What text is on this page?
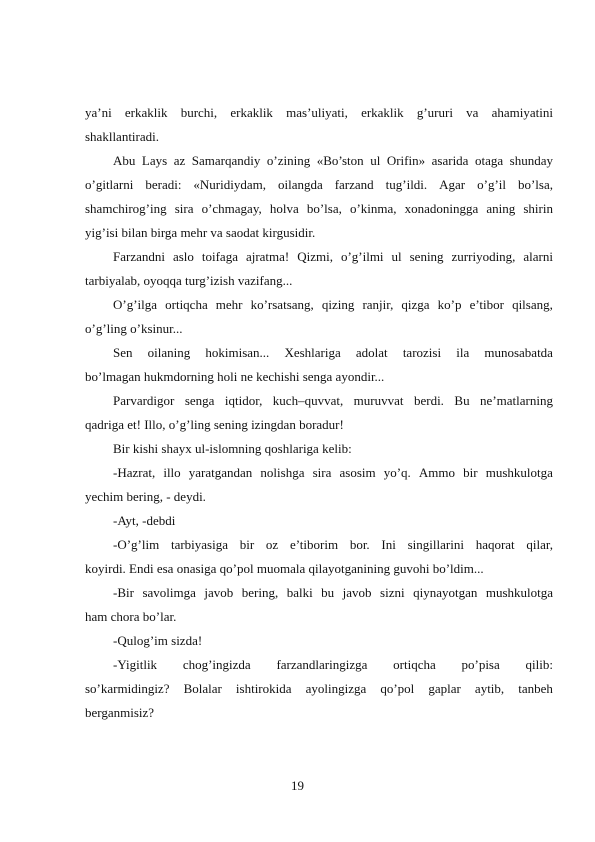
ya’ni erkaklik burchi, erkaklik mas’uliyati, erkaklik g’ururi va ahamiyatini
shakllantiradi.
Abu Lays az Samarqandiy o’zining «Bo’ston ul Orifin» asarida otaga shunday
o’gitlarni beradi: «Nuridiydam, oilangda farzand tug’ildi. Agar o’g’il bo’lsa,
shamchirog’ing sira o’chmagay, holva bo’lsa, o’kinma, xonadoningga aning shirin
yig’isi bilan birga mehr va saodat kirgusidir.
Farzandni aslo toifaga ajratma! Qizmi, o’g’ilmi ul sening zurriyoding, alarni
tarbiyalab, oyoqqa turg’izish vazifang...
O’g’ilga ortiqcha mehr ko’rsatsang, qizing ranjir, qizga ko’p e’tibor qilsang,
o’g’ling o’ksinur...
Sen oilaning hokimisan... Xeshlariga adolat tarozisi ila munosabatda
bo’lmagan hukmdorning holi ne kechishi senga ayondir...
Parvardigor senga iqtidor, kuch–quvvat, muruvvat berdi. Bu ne’matlarning
qadriga et! Illo, o’g’ling sening izingdan boradur!
Bir kishi shayx ul-islomning qoshlariga kelib:
-Hazrat, illo yaratgandan nolishga sira asosim yo’q. Ammo bir mushkulotga
yechim bering, - deydi.
-Ayt, -debdi
-O’g’lim tarbiyasiga bir oz e’tiborim bor. Ini singillarini haqorat qilar,
koyirdi. Endi esa onasiga qo’pol muomala qilayotganining guvohi bo’ldim...
-Bir savolimga javob bering, balki bu javob sizni qiynayotgan mushkulotga
ham chora bo’lar.
-Qulog’im sizda!
-Yigitlik chog’ingizda farzandlaringizga ortiqcha po’pisa qilib:
so’karmidingiz? Bolalar ishtirokida ayolingizga qo’pol gaplar aytib, tanbeh
berganmisiz?
19
